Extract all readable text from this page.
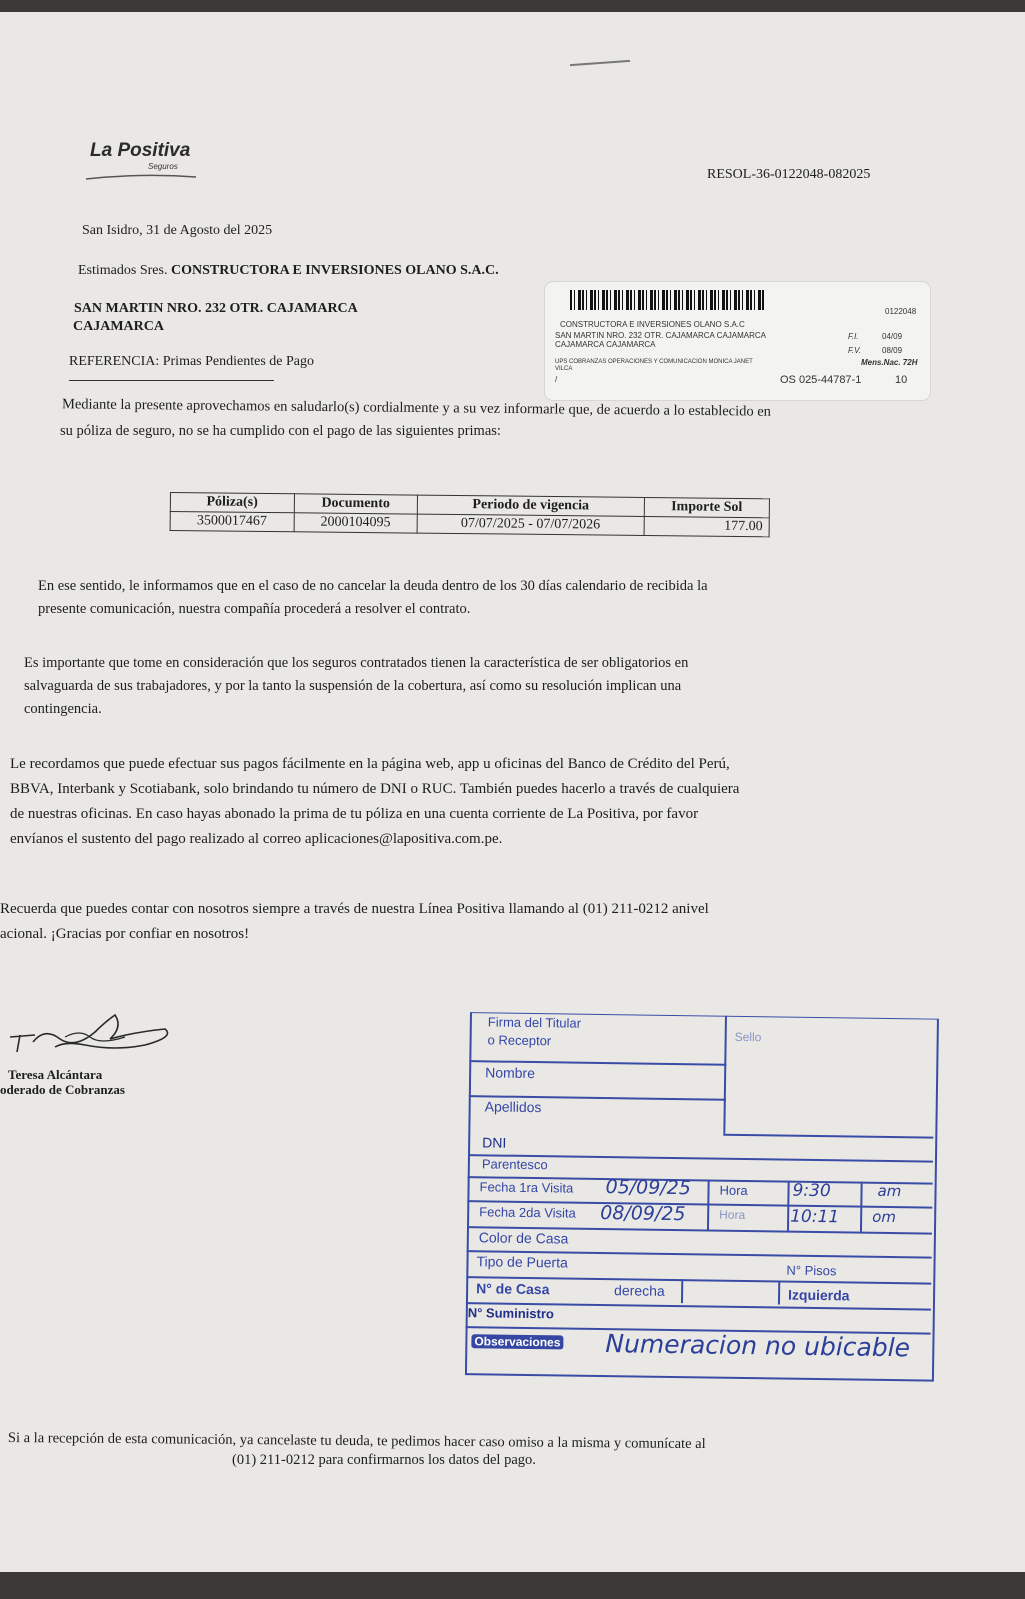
La Positiva
Seguros
RESOL-36-0122048-082025
San Isidro, 31 de Agosto del 2025
Estimados Sres. CONSTRUCTORA E INVERSIONES OLANO S.A.C.
SAN MARTIN NRO. 232 OTR. CAJAMARCA
CAJAMARCA
REFERENCIA: Primas Pendientes de Pago
0122048
CONSTRUCTORA E INVERSIONES OLANO S.A.C
SAN MARTIN NRO. 232 OTR. CAJAMARCA CAJAMARCA
CAJAMARCA CAJAMARCA
F.I.	04/09
F.V.	08/09
Mens.Nac. 72H
UPS COBRANZAS OPERACIONES Y COMUNICACION MONICA JANET
VILCA
/	OS 025-44787-1	10
Mediante la presente aprovechamos en saludarlo(s) cordialmente y a su vez informarle que, de acuerdo a lo establecido en
su póliza de seguro, no se ha cumplido con el pago de las siguientes primas:
Póliza(s)	Documento	Periodo de vigencia	Importe Sol
3500017467	2000104095	07/07/2025 - 07/07/2026	177.00
En ese sentido, le informamos que en el caso de no cancelar la deuda dentro de los 30 días calendario de recibida la
presente comunicación, nuestra compañía procederá a resolver el contrato.
Es importante que tome en consideración que los seguros contratados tienen la característica de ser obligatorios en
salvaguarda de sus trabajadores, y por la tanto la suspensión de la cobertura, así como su resolución implican una
contingencia.
Le recordamos que puede efectuar sus pagos fácilmente en la página web, app u oficinas del Banco de Crédito del Perú,
BBVA, Interbank y Scotiabank, solo brindando tu número de DNI o RUC. También puedes hacerlo a través de cualquiera
de nuestras oficinas. En caso hayas abonado la prima de tu póliza en una cuenta corriente de La Positiva, por favor
envíanos el sustento del pago realizado al correo aplicaciones@lapositiva.com.pe.
Recuerda que puedes contar con nosotros siempre a través de nuestra Línea Positiva llamando al (01) 211-0212 anivel
acional. ¡Gracias por confiar en nosotros!
Teresa Alcántara
oderado de Cobranzas
Firma del Titular
o Receptor	Sello
Nombre
Apellidos
DNI
Parentesco
Fecha 1ra Visita 05/09/25 Hora	9:30	am
Fecha 2da Visita 08/09/25	Hora	10:11 om
Color de Casa
Tipo de Puerta	N° Pisos
N° de Casa	derecha	Izquierda
N° Suministro
Observaciones Numeracion no ubicable
Si a la recepción de esta comunicación, ya cancelaste tu deuda, te pedimos hacer caso omiso a la misma y comunícate al
(01) 211-0212 para confirmarnos los datos del pago.
